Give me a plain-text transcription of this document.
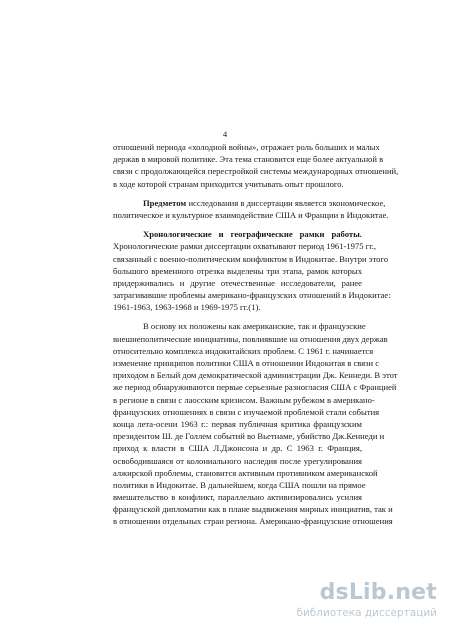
4
отношений периода «холодной войны», отражает роль больших и малых
держав в мировой политике. Эта тема становится еще более актуальной в
связи с продолжающейся перестройкой системы международных отношений,
в ходе которой странам приходится учитывать опыт прошлого.
Предметом исследования в диссертации является экономическое,
политическое и культурное взаимодействие США и Франции в Индокитае.
Хронологические и географические рамки работы.
Хронологические рамки диссертации охватывают период 1961-1975 гг.,
связанный с военно-политическим конфликтом в Индокитае. Внутри этого
большого временного отрезка выделены три этапа, рамок которых
придерживались и другие отечественные исследователи, ранее
затрагивавшие проблемы американо-французских отношений в Индокитае:
1961-1963, 1963-1968 и 1969-1975 гг.(1).
В основу их положены как американские, так и французские
внешнеполитические инициативы, повлиявшие на отношения двух держав
относительно комплекса индокитайских проблем. С 1961 г. начинается
изменение принципов политики США в отношении Индокитая в связи с
приходом в Белый дом демократической администрации Дж. Кеннеди. В этот
же период обнаруживаются первые серьезные разногласия США с Францией
в регионе в связи с лаосским кризисом. Важным рубежом в американо-
французских отношениях в связи с изучаемой проблемой стали события
конца лета-осени 1963 г.: первая публичная критика французским
президентом Ш. де Голлем событий во Вьетнаме, убийство Дж.Кеннеди и
приход к власти в США Л.Джонсона и др. С 1963 г. Франция,
освободившаяся от колониального наследия после урегулирования
алжирской проблемы, становится активным противником американской
политики в Индокитае. В дальнейшем, когда США пошли на прямое
вмешательство в конфликт, параллельно активизировались усилия
французской дипломатии как в плане выдвижения мирных инициатив, так и
в отношении отдельных стран региона. Американо-французские отношения
dsLib.net
библиотека диссертаций
